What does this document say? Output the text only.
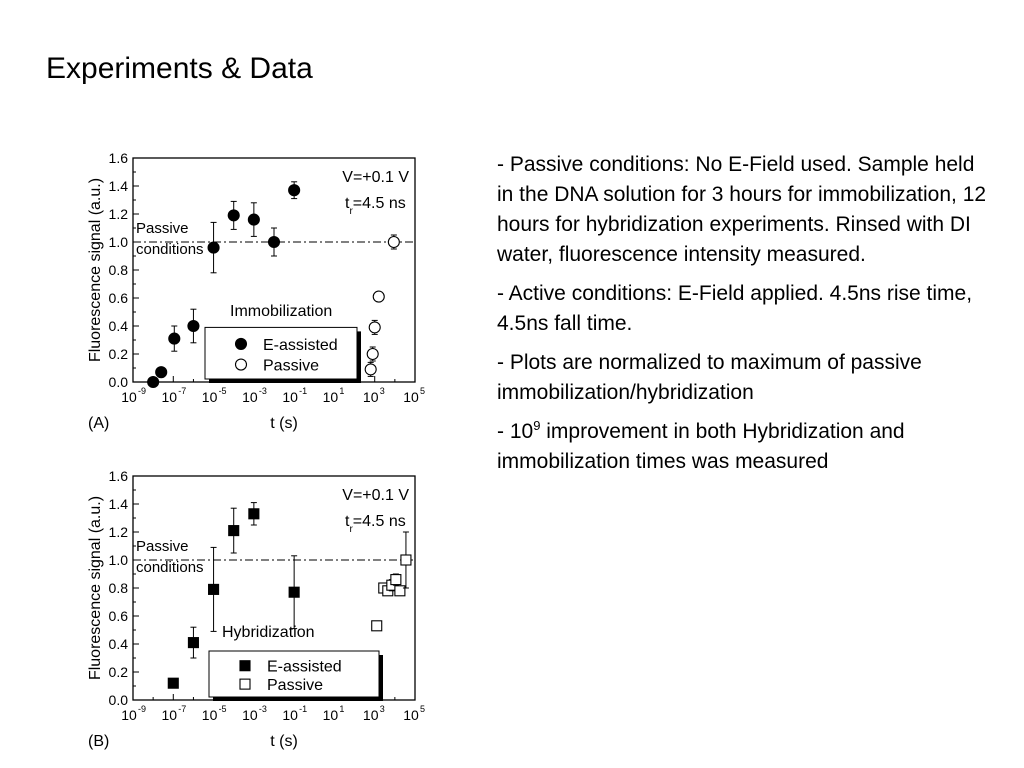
Experiments & Data
0.0
0.2
0.4
0.6
0.8
1.0
1.2
1.4
1.6
10 -9 10 -7 10 -5 10 -3 10 -1 10 1 10 3 10 5
t (s)
Fluorescence signal (a.u.)
(A)
V=+0.1 V
$t_r=4.5$ ns
Passive
conditions
Immobilization
E-assisted
Passive
0.0
0.2
0.4
0.6
0.8
1.0
1.2
1.4
1.6
10 -9 10 -7 10 -5 10 -3 10 -1 10 1 10 3 10 5
t (s)
Fluorescence signal (a.u.)
(B)
V=+0.1 V
$t_r=4.5$ ns
Passive
conditions
Hybridization
E-assisted
Passive

- Passive conditions: No E-Field used. Sample held in the DNA solution for 3 hours for immobilization, 12 hours for hybridization experiments. Rinsed with DI water, fluorescence intensity measured.

- Active conditions: E-Field applied. 4.5ns rise time, 4.5ns fall time.

- Plots are normalized to maximum of passive immobilization/hybridization

- $10^9$ improvement in both Hybridization and immobilization times was measured
